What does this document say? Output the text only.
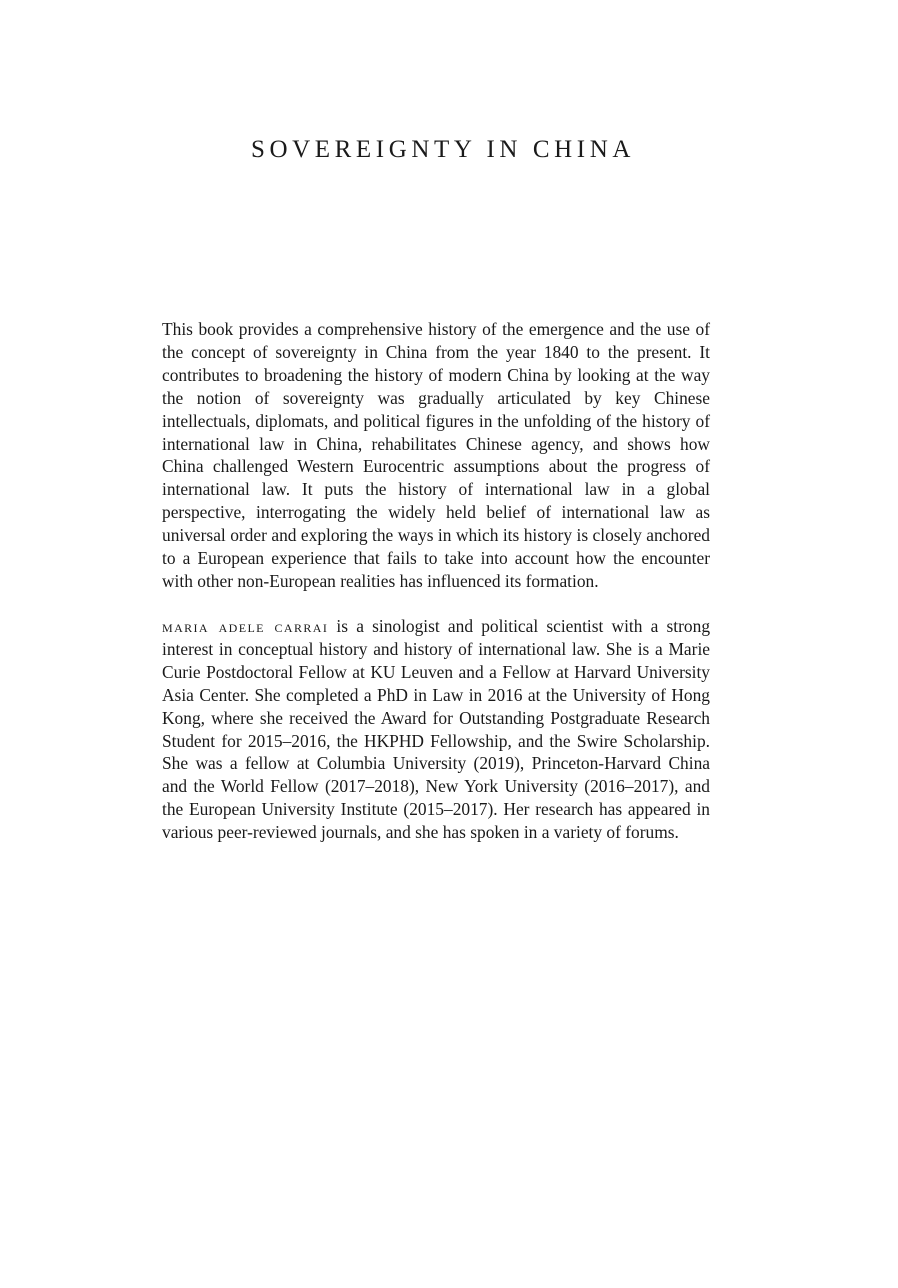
SOVEREIGNTY IN CHINA

This book provides a comprehensive history of the emergence and the use of the concept of sovereignty in China from the year 1840 to the present. It contributes to broadening the history of modern China by looking at the way the notion of sovereignty was gradually articulated by key Chinese intellectuals, diplomats, and political figures in the unfolding of the history of international law in China, rehabilitates Chinese agency, and shows how China challenged Western Eurocentric assumptions about the progress of international law. It puts the history of international law in a global perspective, interrogating the widely held belief of international law as universal order and exploring the ways in which its history is closely anchored to a European experience that fails to take into account how the encounter with other non-European realities has influenced its formation.

maria adele carrai is a sinologist and political scientist with a strong interest in conceptual history and history of international law. She is a Marie Curie Postdoctoral Fellow at KU Leuven and a Fellow at Harvard University Asia Center. She completed a PhD in Law in 2016 at the University of Hong Kong, where she received the Award for Outstanding Postgraduate Research Student for 2015–2016, the HKPHD Fellowship, and the Swire Scholarship. She was a fellow at Columbia University (2019), Princeton-Harvard China and the World Fellow (2017–2018), New York University (2016–2017), and the European University Institute (2015–2017). Her research has appeared in various peer-reviewed journals, and she has spoken in a variety of forums.
